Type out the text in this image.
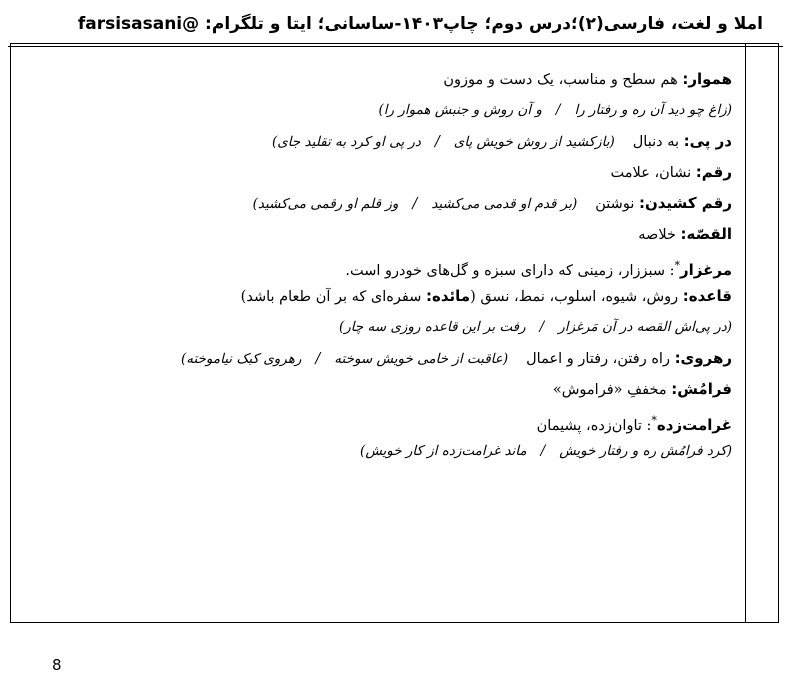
املا و لغت، فارسی(۲)؛درس دوم؛ چاپ۱۴۰۳-ساسانی؛ ایتا و تلگرام: @farsisasani
هموار: هم سطح و مناسب، یک دست و موزون
(زاغ چو دید آن ره و رفتار را/و آن روش و جنبش هموار را)
در پی: به دنبال(بازکشید از روش خویش پای/در پی او کرد به تقلید جای)
رقم: نشان، علامت
رقم کشیدن: نوشتن(بر قدم او قدمی می‌کشید/وز قلم او رقمی می‌کشید)
القصّه: خلاصه
مرغزار*: سبززار، زمینی که دارای سبزه و گل‌های خودرو است.
قاعده: روش، شیوه، اسلوب، نمط، نسق (مائده: سفره‌ای که بر آن طعام باشد)
(در پی‌اش القصه در آن مَرغزار/رفت بر این قاعده روزی سه چار)
رهروی: راه رفتن، رفتار و اعمال(عاقبت از خامی خویش سوخته/رهروی کبک نیاموخته)
فرامُش: مخففِ «فراموش»
غرامت‌زده*: تاوان‌زده، پشیمان
(کرد فرامُش ره و رفتار خویش/ماند غرامت‌زده از کار خویش)
8
